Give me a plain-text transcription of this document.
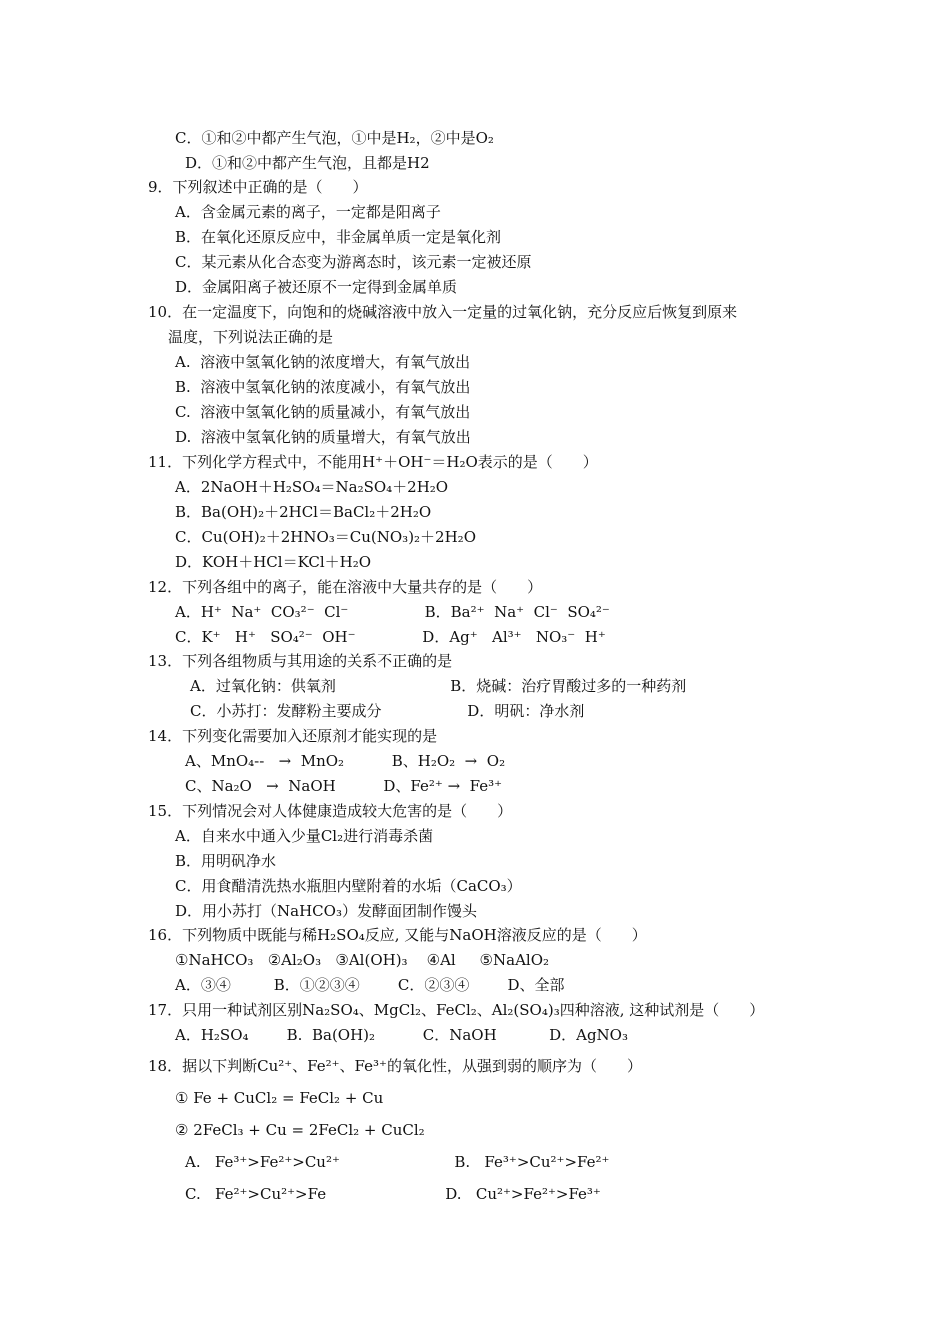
C．①和②中都产生气泡，①中是H₂，②中是O₂
D．①和②中都产生气泡，且都是H2
9．下列叙述中正确的是（　　）
A．含金属元素的离子，一定都是阳离子
B．在氧化还原反应中，非金属单质一定是氧化剂
C．某元素从化合态变为游离态时，该元素一定被还原
D．金属阳离子被还原不一定得到金属单质
10．在一定温度下，向饱和的烧碱溶液中放入一定量的过氧化钠，充分反应后恢复到原来
温度，下列说法正确的是
A.  溶液中氢氧化钠的浓度增大，有氧气放出
B.  溶液中氢氧化钠的浓度减小，有氧气放出
C.  溶液中氢氧化钠的质量减小，有氧气放出
D.  溶液中氢氧化钠的质量增大，有氧气放出
11．下列化学方程式中，不能用H⁺＋OH⁻＝H₂O表示的是（　　）
A．2NaOH＋H₂SO₄＝Na₂SO₄＋2H₂O
B．Ba(OH)₂＋2HCl＝BaCl₂＋2H₂O
C．Cu(OH)₂＋2HNO₃＝Cu(NO₃)₂＋2H₂O
D．KOH＋HCl＝KCl＋H₂O
12．下列各组中的离子，能在溶液中大量共存的是（　　）
A．H⁺  Na⁺  CO₃²⁻  Cl⁻                B．Ba²⁺  Na⁺  Cl⁻  SO₄²⁻
C．K⁺   H⁺   SO₄²⁻  OH⁻              D．Ag⁺   Al³⁺   NO₃⁻  H⁺
13．下列各组物质与其用途的关系不正确的是
A．过氧化钠：供氧剂                        B．烧碱：治疗胃酸过多的一种药剂
C．小苏打：发酵粉主要成分                  D．明矾：净水剂
14．下列变化需要加入还原剂才能实现的是
A、MnO₄--   →  MnO₂          B、H₂O₂  →  O₂
C、Na₂O   →  NaOH          D、Fe²⁺ →  Fe³⁺
15．下列情况会对人体健康造成较大危害的是（　　）
A．自来水中通入少量Cl₂进行消毒杀菌
B．用明矾净水
C．用食醋清洗热水瓶胆内壁附着的水垢（CaCO₃）
D．用小苏打（NaHCO₃）发酵面团制作馒头
16．下列物质中既能与稀H₂SO₄反应, 又能与NaOH溶液反应的是（　　）
①NaHCO₃   ②Al₂O₃   ③Al(OH)₃    ④Al     ⑤NaAlO₂
A．③④         B．①②③④        C．②③④        D、全部
17．只用一种试剂区别Na₂SO₄、MgCl₂、FeCl₂、Al₂(SO₄)₃四种溶液, 这种试剂是（　　）
A．H₂SO₄        B.  Ba(OH)₂          C．NaOH           D．AgNO₃
18．据以下判断Cu²⁺、Fe²⁺、Fe³⁺的氧化性，从强到弱的顺序为（　　）
① Fe + CuCl₂ = FeCl₂ + Cu
② 2FeCl₃ + Cu = 2FeCl₂ + CuCl₂
A.   Fe³⁺>Fe²⁺>Cu²⁺                        B.   Fe³⁺>Cu²⁺>Fe²⁺
C.   Fe²⁺>Cu²⁺>Fe                         D.   Cu²⁺>Fe²⁺>Fe³⁺
